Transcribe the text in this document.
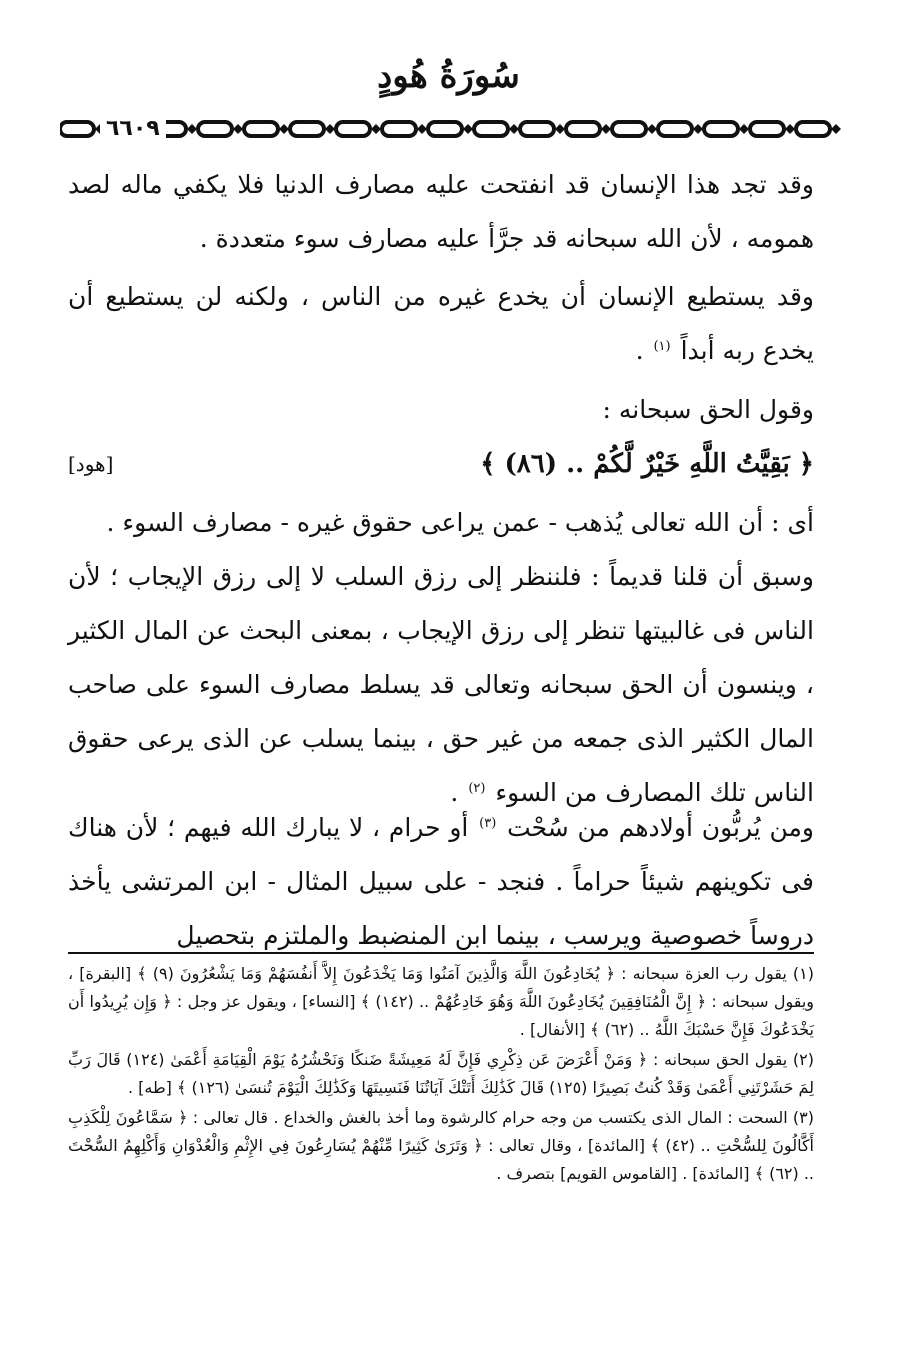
سُورَةُ هُودٍ
٦٦٠٩

وقد تجد هذا الإنسان قد انفتحت عليه مصارف الدنيا فلا يكفي ماله لصد همومه ، لأن الله سبحانه قد جرَّأ عليه مصارف سوء متعددة .

وقد يستطيع الإنسان أن يخدع غيره من الناس ، ولكنه لن يستطيع أن يخدع ربه أبداً $^{(١)}$ .

وقول الحق سبحانه :

﴿ بَقِيَّتُ اللَّهِ خَيْرٌ لَّكُمْ .. (٨٦) ﴾
[هود]

أى : أن الله تعالى يُذهب - عمن يراعى حقوق غيره - مصارف السوء .

وسبق أن قلنا قديماً : فلننظر إلى رزق السلب لا إلى رزق الإيجاب ؛ لأن الناس فى غالبيتها تنظر إلى رزق الإيجاب ، بمعنى البحث عن المال الكثير ، وينسون أن الحق سبحانه وتعالى قد يسلط مصارف السوء على صاحب المال الكثير الذى جمعه من غير حق ، بينما يسلب عن الذى يرعى حقوق الناس تلك المصارف من السوء $^{(٢)}$ .

ومن يُربُّون أولادهم من سُحْت $^{(٣)}$ أو حرام ، لا يبارك الله فيهم ؛ لأن هناك فى تكوينهم شيئاً حراماً . فنجد - على سبيل المثال - ابن المرتشى يأخذ دروساً خصوصية ويرسب ، بينما ابن المنضبط والملتزم بتحصيل

(١) يقول رب العزة سبحانه : ﴿ يُخَادِعُونَ اللَّهَ وَالَّذِينَ آمَنُوا وَمَا يَخْدَعُونَ إِلاَّ أَنفُسَهُمْ وَمَا يَشْعُرُونَ (٩) ﴾ [البقرة] ، ويقول سبحانه : ﴿ إِنَّ الْمُنَافِقِينَ يُخَادِعُونَ اللَّهَ وَهُوَ خَادِعُهُمْ .. (١٤٢) ﴾ [النساء] ، ويقول عز وجل : ﴿ وَإِن يُرِيدُوا أَن يَخْدَعُوكَ فَإِنَّ حَسْبَكَ اللَّهُ .. (٦٢) ﴾ [الأنفال] .

(٢) يقول الحق سبحانه : ﴿ وَمَنْ أَعْرَضَ عَن ذِكْرِي فَإِنَّ لَهُ مَعِيشَةً ضَنكًا وَنَحْشُرُهُ يَوْمَ الْقِيَامَةِ أَعْمَىٰ (١٢٤) قَالَ رَبِّ لِمَ حَشَرْتَنِي أَعْمَىٰ وَقَدْ كُنتُ بَصِيرًا (١٢٥) قَالَ كَذَٰلِكَ أَتَتْكَ آيَاتُنَا فَنَسِيتَهَا وَكَذَٰلِكَ الْيَوْمَ تُنسَىٰ (١٢٦) ﴾ [طه] .

(٣) السحت : المال الذى يكتسب من وجه حرام كالرشوة وما أخذ بالغش والخداع . قال تعالى : ﴿ سَمَّاعُونَ لِلْكَذِبِ أَكَّالُونَ لِلسُّحْتِ .. (٤٢) ﴾ [المائدة] ، وقال تعالى : ﴿ وَتَرَىٰ كَثِيرًا مِّنْهُمْ يُسَارِعُونَ فِي الإِثْمِ وَالْعُدْوَانِ وَأَكْلِهِمُ السُّحْتَ .. (٦٢) ﴾ [المائدة] . [القاموس القويم] بتصرف .
